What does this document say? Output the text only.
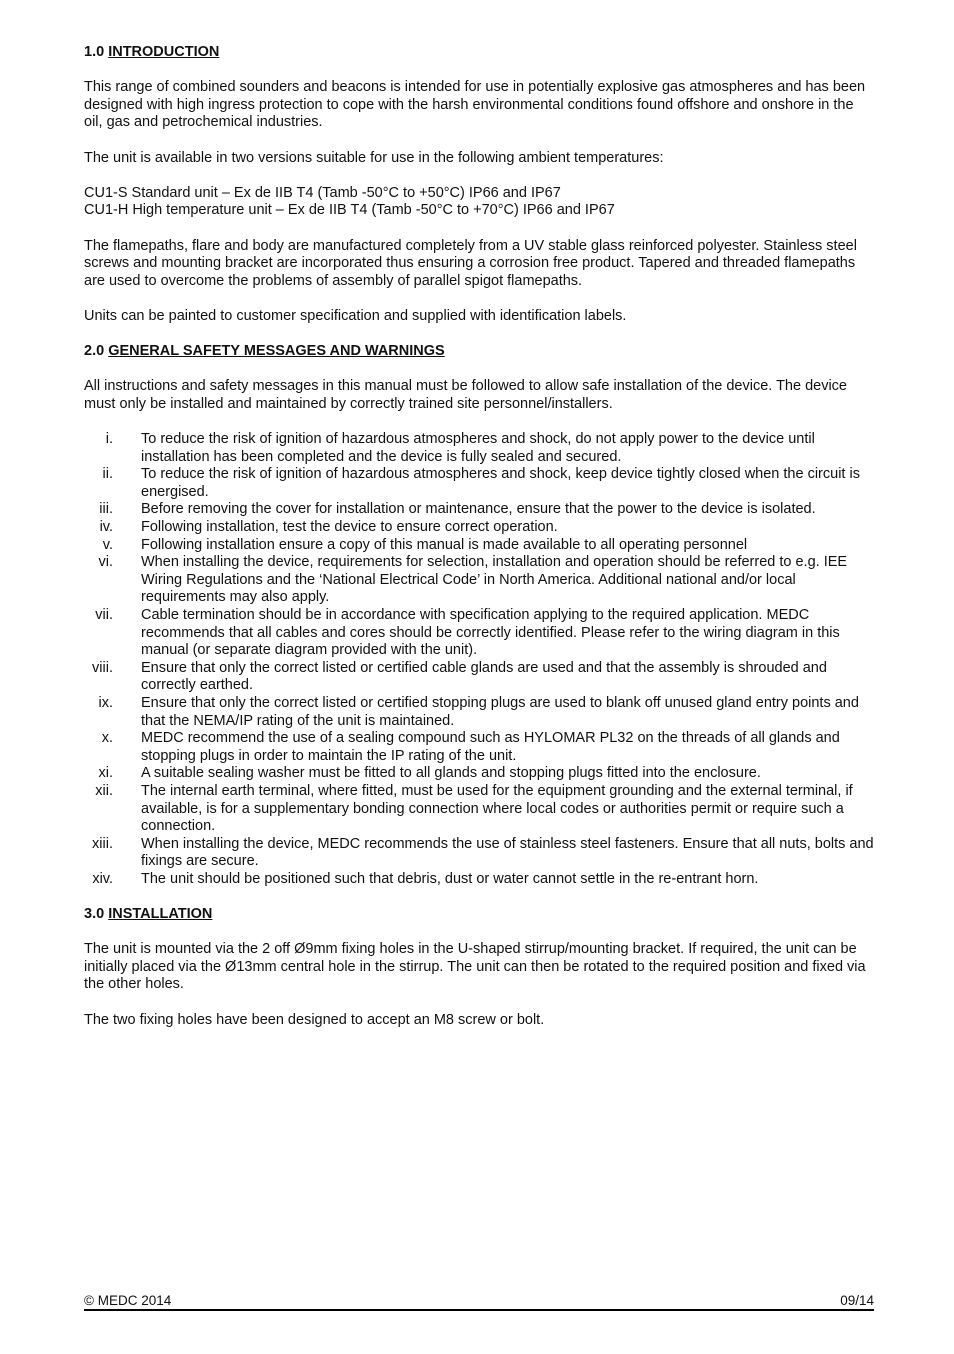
1.0 INTRODUCTION

This range of combined sounders and beacons is intended for use in potentially explosive gas atmospheres and has been designed with high ingress protection to cope with the harsh environmental conditions found offshore and onshore in the oil, gas and petrochemical industries.

The unit is available in two versions suitable for use in the following ambient temperatures:

CU1-S Standard unit – Ex de IIB T4 (Tamb -50°C to +50°C) IP66 and IP67
CU1-H High temperature unit – Ex de IIB T4 (Tamb -50°C to +70°C) IP66 and IP67

The flamepaths, flare and body are manufactured completely from a UV stable glass reinforced polyester. Stainless steel screws and mounting bracket are incorporated thus ensuring a corrosion free product. Tapered and threaded flamepaths are used to overcome the problems of assembly of parallel spigot flamepaths.

Units can be painted to customer specification and supplied with identification labels.

2.0 GENERAL SAFETY MESSAGES AND WARNINGS

All instructions and safety messages in this manual must be followed to allow safe installation of the device. The device must only be installed and maintained by correctly trained site personnel/installers.

i. To reduce the risk of ignition of hazardous atmospheres and shock, do not apply power to the device until installation has been completed and the device is fully sealed and secured.
ii. To reduce the risk of ignition of hazardous atmospheres and shock, keep device tightly closed when the circuit is energised.
iii. Before removing the cover for installation or maintenance, ensure that the power to the device is isolated.
iv. Following installation, test the device to ensure correct operation.
v. Following installation ensure a copy of this manual is made available to all operating personnel
vi. When installing the device, requirements for selection, installation and operation should be referred to e.g. IEE Wiring Regulations and the ‘National Electrical Code’ in North America. Additional national and/or local requirements may also apply.
vii. Cable termination should be in accordance with specification applying to the required application. MEDC recommends that all cables and cores should be correctly identified. Please refer to the wiring diagram in this manual (or separate diagram provided with the unit).
viii. Ensure that only the correct listed or certified cable glands are used and that the assembly is shrouded and correctly earthed.
ix. Ensure that only the correct listed or certified stopping plugs are used to blank off unused gland entry points and that the NEMA/IP rating of the unit is maintained.
x. MEDC recommend the use of a sealing compound such as HYLOMAR PL32 on the threads of all glands and stopping plugs in order to maintain the IP rating of the unit.
xi. A suitable sealing washer must be fitted to all glands and stopping plugs fitted into the enclosure.
xii. The internal earth terminal, where fitted, must be used for the equipment grounding and the external terminal, if available, is for a supplementary bonding connection where local codes or authorities permit or require such a connection.
xiii. When installing the device, MEDC recommends the use of stainless steel fasteners. Ensure that all nuts, bolts and fixings are secure.
xiv. The unit should be positioned such that debris, dust or water cannot settle in the re-entrant horn.
3.0 INSTALLATION

The unit is mounted via the 2 off Ø9mm fixing holes in the U-shaped stirrup/mounting bracket. If required, the unit can be initially placed via the Ø13mm central hole in the stirrup. The unit can then be rotated to the required position and fixed via the other holes.

The two fixing holes have been designed to accept an M8 screw or bolt.

© MEDC 2014	09/14
